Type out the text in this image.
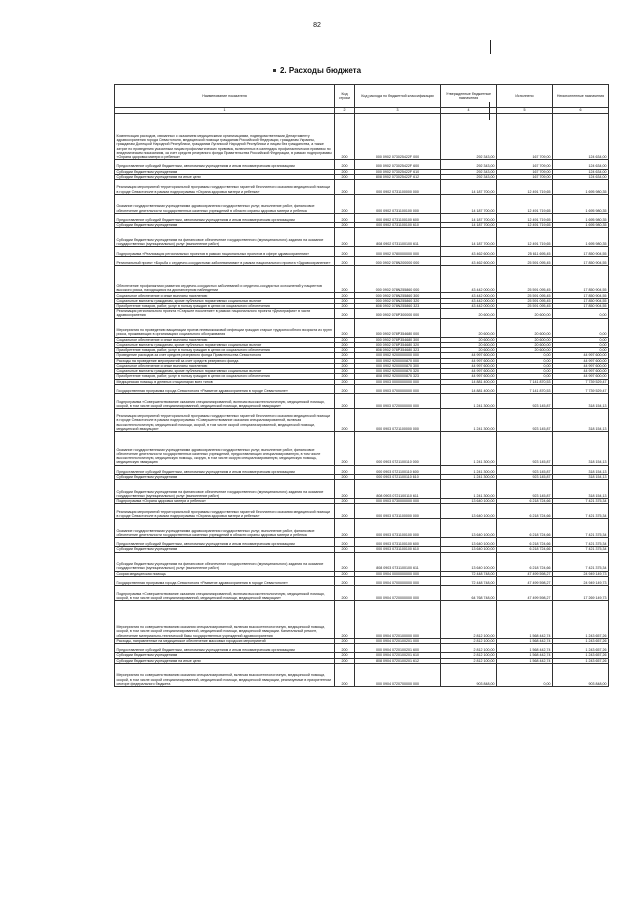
82
2. Расходы бюджета
Наименование показателя	Код строки	Код расхода по бюджетной классификации	Утвержденные бюджетные назначения	Исполнено	Неисполненные назначения
1	2	3	4	5	6
Компенсация расходов, связанных с оказанием медицинскими организациями, подведомственными Департаменту здравоохранения города Севастополя, медицинской помощи гражданам Российской Федерации, гражданам Украины, гражданам Донецкой Народной Республики, гражданам Луганской Народной Республики и лицам без гражданства, а также затрат по проведению указанным лицам профилактических прививок, включенных в календарь профилактических прививок по эпидемическим показаниям, за счет средств резервного фонда Правительства Российской Федерации, в рамках подпрограммы «Охрана здоровья матери и ребенка»	200	000 0902 073025422F 000	292 343,00	167 709,00	124 634,00
Предоставление субсидий бюджетным, автономным учреждениям и иным некоммерческим организациям	200	000 0902 073025422F 600	292 343,00	167 709,00	124 634,00
Субсидии бюджетным учреждениям	200	000 0902 073025422F 610	292 343,00	167 709,00	124 634,00
Субсидии бюджетным учреждениям на иные цели	200	808 0902 073025422F 612	292 343,00	167 709,00	124 634,00
Реализация мероприятий территориальной программы государственных гарантий бесплатного оказания медицинской помощи в городе Севастополе в рамках подпрограммы «Охрана здоровья матери и ребенка»	200	000 0902 0731100000 000	14 187 700,00	12 491 719,65	1 695 980,35
Оказание государственными учреждениями здравоохранения государственных услуг, выполнение работ, финансовое обеспечение деятельности государственных казенных учреждений в области охраны здоровья матери и ребенка	200	000 0902 0731100100 000	14 187 700,00	12 491 719,65	1 695 980,35
Предоставление субсидий бюджетным, автономным учреждениям и иным некоммерческим организациям	200	000 0902 0731100100 600	14 187 700,00	12 491 719,65	1 695 980,35
Субсидии бюджетным учреждениям	200	000 0902 0731100100 610	14 187 700,00	12 491 719,65	1 695 980,35
Субсидии бюджетным учреждениям на финансовое обеспечение государственного (муниципального) задания на оказание государственных (муниципальных) услуг (выполнение работ)	200	808 0902 0731100100 611	14 187 700,00	12 491 719,65	1 695 980,35
Подпрограмма «Реализация региональных проектов в рамках национальных проектов в сфере здравоохранения»	200	000 0902 0780000000 000	43 462 600,00	25 611 695,45	17 850 904,55
Региональный проект «Борьба с сердечно-сосудистыми заболеваниями» в рамках национального проекта «Здравоохранение»	200	000 0902 078N200000 000	43 462 600,00	25 591 095,45	17 850 904,55
Обеспечение профилактики развития сердечно-сосудистых заболеваний и сердечно-сосудистых осложнений у пациентов высокого риска, находящихся на диспансерном наблюдении	200	000 0902 078N255860 000	43 442 000,00	25 591 095,45	17 850 904,55
Социальное обеспечение и иные выплаты населению	200	000 0902 078N255860 300	43 442 000,00	25 591 095,45	17 850 904,55
Социальные выплаты гражданам, кроме публичных нормативных социальных выплат	200	000 0902 078N255860 320	43 442 000,00	25 591 095,45	17 850 904,55
Приобретение товаров, работ, услуг в пользу граждан в целях их социального обеспечения	200	808 0902 078N255860 323	43 442 000,00	25 591 095,45	17 850 904,55
Реализация регионального проекта «Старшее поколение» в рамках национального проекта «Демография» в части здравоохранения	200	000 0902 078P300000 000	20 600,00	20 600,00	0,00
Мероприятия по проведению вакцинации против пневмококковой инфекции граждан старше трудоспособного возраста из групп риска, проживающих в организациях социального обслуживания	200	000 0902 078P354680 000	20 600,00	20 600,00	0,00
Социальное обеспечение и иные выплаты населению	200	000 0902 078P354680 300	20 600,00	20 600,00	0,00
Социальные выплаты гражданам, кроме публичных нормативных социальных выплат	200	000 0902 078P354680 320	20 600,00	20 600,00	0,00
Приобретение товаров, работ, услуг в пользу граждан в целях их социального обеспечения	200	808 0902 078P354680 323	20 600,00	20 600,00	0,00
Проведение расходов за счет средств резервного фонда Правительства Севастополя	200	000 0902 9200000000 000	44 997 600,00	0,00	44 997 600,00
Расходы на проведение мероприятий за счет средств резервного фонда	200	000 0902 9200000870 000	44 997 600,00	0,00	44 997 600,00
Социальное обеспечение и иные выплаты населению	200	000 0902 9200000870 300	44 997 600,00	0,00	44 997 600,00
Социальные выплаты гражданам, кроме публичных нормативных социальных выплат	200	000 0902 9200000870 320	44 997 600,00	0,00	44 997 600,00
Приобретение товаров, работ, услуг в пользу граждан в целях их социального обеспечения	200	808 0902 9200000870 323	44 997 600,00	0,00	44 997 600,00
Медицинская помощь в дневных стационарах всех типов	200	000 0903 0000000000 000	14 881 400,00	7 141 870,53	7 739 529,47
Государственная программа города Севастополя «Развитие здравоохранения в городе Севастополе»	200	000 0903 0700000000 000	14 881 400,00	7 141 870,53	7 739 529,47
Подпрограмма «Совершенствование оказания специализированной, включая высокотехнологичную, медицинской помощи, скорой, в том числе скорой специализированной, медицинской помощи, медицинской эвакуации»	200	000 0903 0720000000 000	1 241 300,00	923 145,87	318 154,13
Реализация мероприятий территориальной программы государственных гарантий бесплатного оказания медицинской помощи в городе Севастополе в рамках подпрограммы «Совершенствование оказания специализированной, включая высокотехнологичную, медицинской помощи, скорой, в том числе скорой специализированной, медицинской помощи, медицинской эвакуации»	200	000 0903 0721100000 000	1 241 300,00	923 145,87	318 154,13
Оказание государственными учреждениями здравоохранения государственных услуг, выполнение работ, финансовое обеспечение деятельности государственных казенных учреждений, предоставляющих специализированную, в том числе высокотехнологичную, медицинскую помощь, скорую, в том числе скорую специализированную, медицинскую помощь, медицинскую эвакуацию	200	000 0903 0721100110 000	1 241 300,00	923 145,87	318 154,13
Предоставление субсидий бюджетным, автономным учреждениям и иным некоммерческим организациям	200	000 0903 0721100110 600	1 241 300,00	923 145,87	318 154,13
Субсидии бюджетным учреждениям	200	000 0903 0721100110 610	1 241 300,00	923 145,87	318 154,13
Субсидии бюджетным учреждениям на финансовое обеспечение государственного (муниципального) задания на оказание государственных (муниципальных) услуг (выполнение работ)	200	808 0903 0721100110 611	1 241 300,00	923 145,87	318 154,13
Подпрограмма «Охрана здоровья матери и ребенка»	200	000 0903 0730000000 000	13 640 100,00	6 218 724,66	7 421 375,34
Реализация мероприятий территориальной программы государственных гарантий бесплатного оказания медицинской помощи в городе Севастополе в рамках подпрограммы «Охрана здоровья матери и ребенка»	200	000 0903 0731100000 000	13 640 100,00	6 218 724,66	7 421 375,34
Оказание государственными учреждениями здравоохранения государственных услуг, выполнение работ, финансовое обеспечение деятельности государственных казенных учреждений в области охраны здоровья матери и ребенка	200	000 0903 0731100100 000	13 640 100,00	6 218 724,66	7 421 375,34
Предоставление субсидий бюджетным, автономным учреждениям и иным некоммерческим организациям	200	000 0903 0731100100 600	13 640 100,00	6 218 724,66	7 421 375,34
Субсидии бюджетным учреждениям	200	000 0903 0731100100 610	13 640 100,00	6 218 724,66	7 421 375,34
Субсидии бюджетным учреждениям на финансовое обеспечение государственного (муниципального) задания на оказание государственных (муниципальных) услуг (выполнение работ)	200	808 0903 0731100100 611	13 640 100,00	6 218 724,66	7 421 375,34
Скорая медицинская помощь	200	000 0904 0000000000 000	72 448 748,00	47 499 598,27	24 949 149,73
Государственная программа города Севастополя «Развитие здравоохранения в городе Севастополе»	200	000 0904 0700000000 000	72 448 748,00	47 499 598,27	24 949 149,73
Подпрограмма «Совершенствование оказания специализированной, включая высокотехнологичную, медицинской помощи, скорой, в том числе скорой специализированной, медицинской помощи, медицинской эвакуации»	200	000 0904 0720000000 000	64 768 748,00	47 499 598,27	17 269 149,73
Мероприятия по совершенствованию оказания специализированной, включая высокотехнологичную, медицинской помощи, скорой, в том числе скорой специализированной, медицинской помощи, медицинской эвакуации. Капитальный ремонт, обеспечение материально-технической базы государственных учреждений здравоохранения	200	000 0904 0720100000 000	2 812 100,00	1 568 442,74	1 243 657,26
Расходы, направленные на медицинское обеспечение массовых городских мероприятий	200	000 0904 0720100201 000	2 812 100,00	1 568 442,74	1 243 657,26
Предоставление субсидий бюджетным, автономным учреждениям и иным некоммерческим организациям	200	000 0904 0720100201 600	2 812 100,00	1 568 442,74	1 243 657,26
Субсидии бюджетным учреждениям	200	000 0904 0720100201 610	2 812 100,00	1 568 442,74	1 243 657,26
Субсидии бюджетным учреждениям на иные цели	200	808 0904 0720100201 612	2 812 100,00	1 568 442,74	1 243 657,26
Мероприятия по совершенствованию оказания специализированной, включая высокотехнологичную, медицинской помощи, скорой, в том числе скорой специализированной, медицинской помощи, медицинской эвакуации, реализуемые в приоритетном секторе федерального бюджета	200	000 0904 0720700000 000	903 848,00	0,00	903 848,00
